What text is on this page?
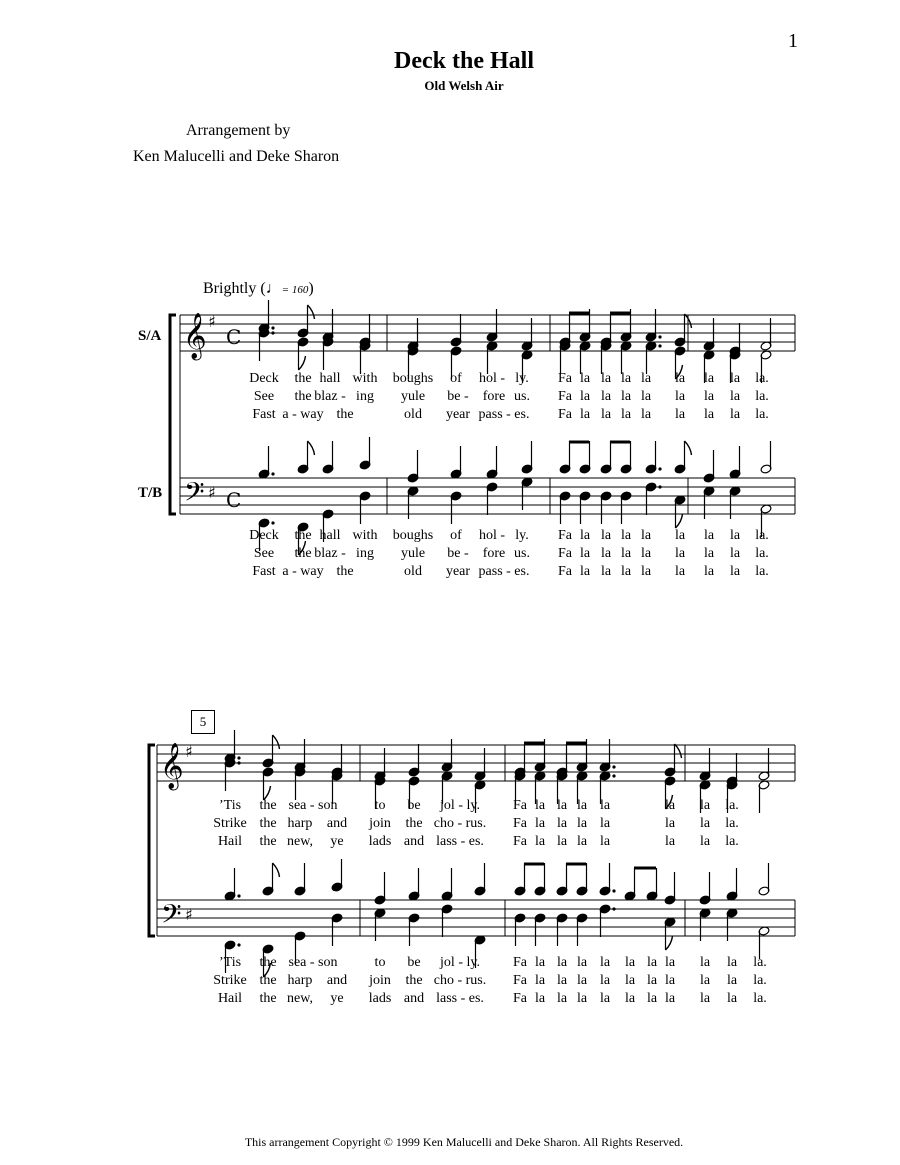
1
Deck the Hall
Old Welsh Air
Arrangement by
Ken Malucelli and Deke Sharon
Brightly (♩= 160)
S/A
T/B
5
This arrangement Copyright © 1999 Ken Malucelli and Deke Sharon. All Rights Reserved.
𝄞
𝄢
♯
♯
C
C
𝄞
𝄢
♯
♯
Deck the hall with boughs of hol - ly. Fa la la la la la la la la.
See the blaz - ing yule be - fore us. Fa la la la la la la la la.
Fast a - way the	old year pass - es. Fa la la la la la la la la.
Deck the hall with boughs of hol - ly. Fa la la la la la la la la.
See the blaz - ing yule be - fore us. Fa la la la la la la la la.
Fast a - way the	old year pass - es. Fa la la la la la la la la.
’Tis the sea - son	to be jol - ly. Fa la la la la	la la la.
Strike the harp and join the cho - rus. Fa la la la la	la la la.
Hail the new, ye lads and lass - es. Fa la la la la	la la la.
’Tis the sea - son	to be jol - ly. Fa la la la la la la la la la la.
Strike the harp and join the cho - rus. Fa la la la la la la la la la la.
Hail the new, ye lads and lass - es. Fa la la la la la la la la la la.
